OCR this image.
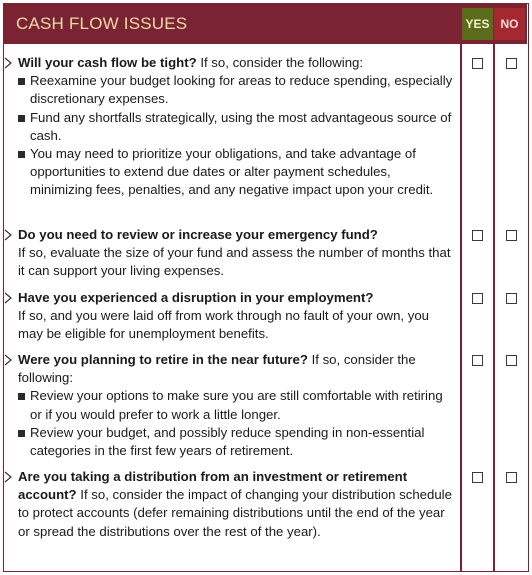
CASH FLOW ISSUES	YES NO
Will your cash flow be tight? If so, consider the following:
Reexamine your budget looking for areas to reduce spending, especially discretionary expenses.
Fund any shortfalls strategically, using the most advantageous source of cash.
You may need to prioritize your obligations, and take advantage of opportunities to extend due dates or alter payment schedules, minimizing fees, penalties, and any negative impact upon your credit.
Do you need to review or increase your emergency fund?
If so, evaluate the size of your fund and assess the number of months that it can support your living expenses.
Have you experienced a disruption in your employment?
If so, and you were laid off from work through no fault of your own, you may be eligible for unemployment benefits.
Were you planning to retire in the near future? If so, consider the following:
Review your options to make sure you are still comfortable with retiring or if you would prefer to work a little longer.
Review your budget, and possibly reduce spending in non-essential categories in the first few years of retirement.
Are you taking a distribution from an investment or retirement account? If so, consider the impact of changing your distribution schedule to protect accounts (defer remaining distributions until the end of the year or spread the distributions over the rest of the year).
